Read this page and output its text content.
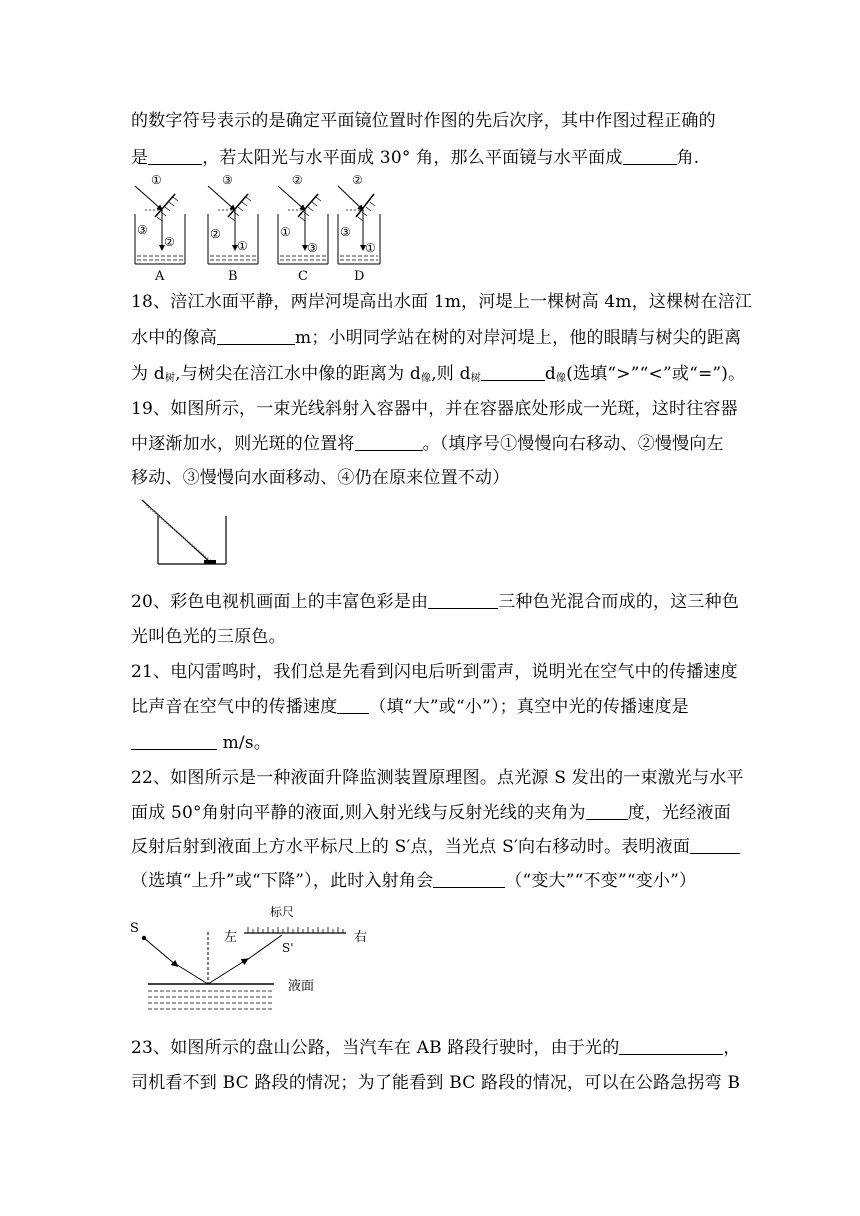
的数字符号表示的是确定平面镜位置时作图的先后次序，其中作图过程正确的
是	，若太阳光与水平面成 30° 角，那么平面镜与水平面成	角.
①
③
②
A
③
②
①
B
②
①
③
C
②
③
①
D
18、涪江水面平静，两岸河堤高出水面 1m，河堤上一棵树高 4m，这棵树在涪江
水中的像高	m；小明同学站在树的对岸河堤上，他的眼睛与树尖的距离
为 $d_树$,与树尖在涪江水中像的距离为 $d_像$,则 $d_树$	$d_像$(选填“>”“<”或“=”)。
19、如图所示，一束光线斜射入容器中，并在容器底处形成一光斑，这时往容器
中逐渐加水，则光斑的位置将	。（填序号①慢慢向右移动、②慢慢向左
移动、③慢慢向水面移动、④仍在原来位置不动）
20、彩色电视机画面上的丰富色彩是由	三种色光混合而成的，这三种色
光叫色光的三原色。
21、电闪雷鸣时，我们总是先看到闪电后听到雷声，说明光在空气中的传播速度
比声音在空气中的传播速度 （填“大”或“小”）；真空中光的传播速度是
m/s。
22、如图所示是一种液面升降监测装置原理图。点光源 S 发出的一束激光与水平
面成 50°角射向平静的液面,则入射光线与反射光线的夹角为 度，光经液面
反射后射到液面上方水平标尺上的 S′点，当光点 S′向右移动时。表明液面
（选填“上升”或“下降”），此时入射角会	（“变大”“不变”“变小”）
标尺
左	右
S
S'
液面
23、如图所示的盘山公路，当汽车在 AB 路段行驶时，由于光的	，
司机看不到 BC 路段的情况；为了能看到 BC 路段的情况，可以在公路急拐弯 B
